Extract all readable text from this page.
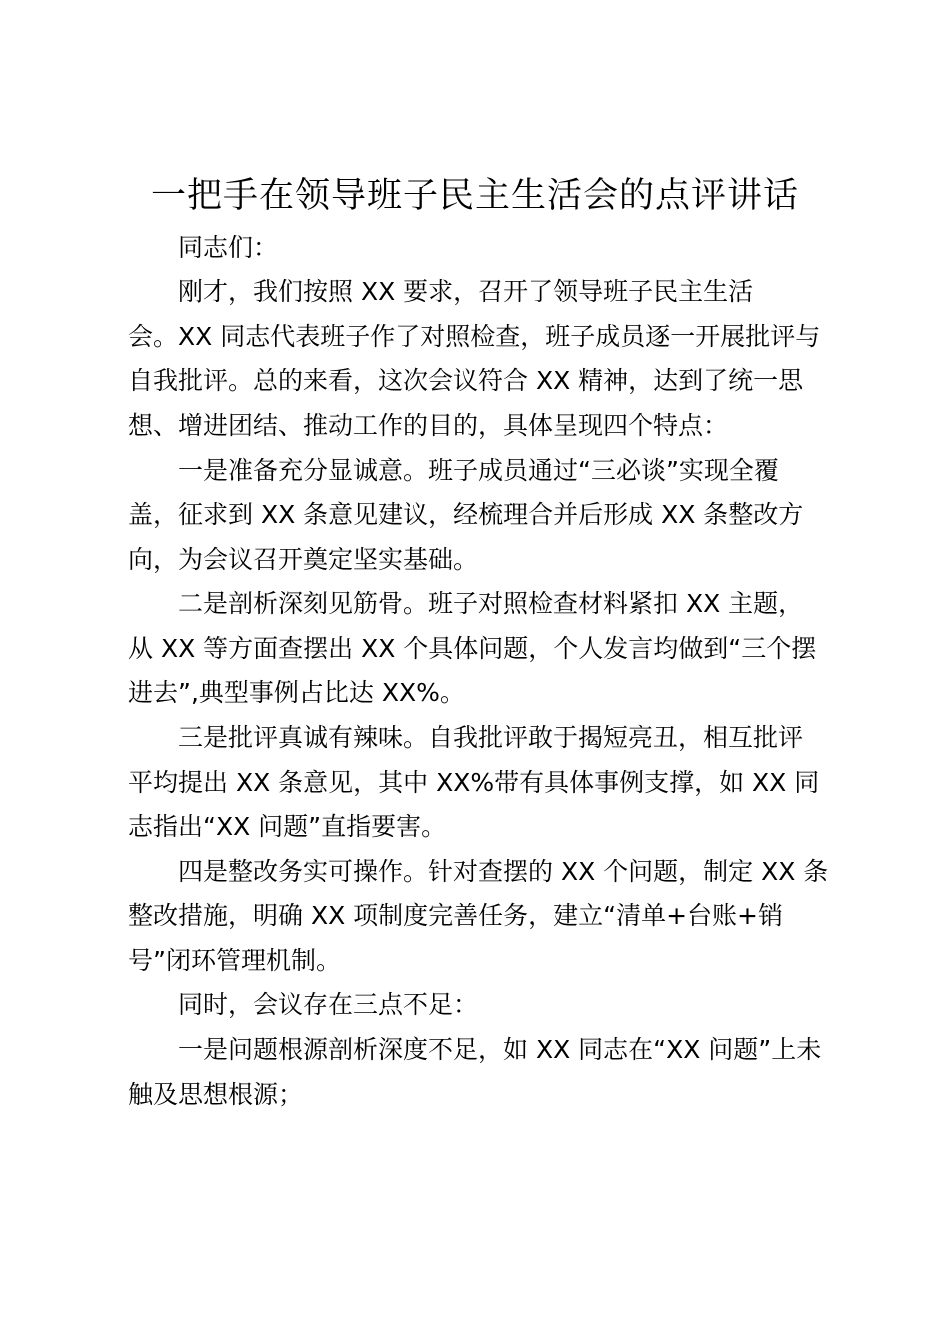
一把手在领导班子民主生活会的点评讲话

同志们：

刚才，我们按照 XX 要求，召开了领导班子民主生活

会。XX 同志代表班子作了对照检查，班子成员逐一开展批评与

自我批评。总的来看，这次会议符合 XX 精神，达到了统一思

想、增进团结、推动工作的目的，具体呈现四个特点：

一是准备充分显诚意。班子成员通过“三必谈”实现全覆

盖，征求到 XX 条意见建议，经梳理合并后形成 XX 条整改方

向，为会议召开奠定坚实基础。

二是剖析深刻见筋骨。班子对照检查材料紧扣 XX 主题，

从 XX 等方面查摆出 XX 个具体问题，个人发言均做到“三个摆

进去”,典型事例占比达 XX%。

三是批评真诚有辣味。自我批评敢于揭短亮丑，相互批评

平均提出 XX 条意见，其中 XX%带有具体事例支撑，如 XX 同

志指出“XX 问题”直指要害。

四是整改务实可操作。针对查摆的 XX 个问题，制定 XX 条

整改措施，明确 XX 项制度完善任务，建立“清单+台账+销

号”闭环管理机制。

同时，会议存在三点不足：

一是问题根源剖析深度不足，如 XX 同志在“XX 问题”上未

触及思想根源；
